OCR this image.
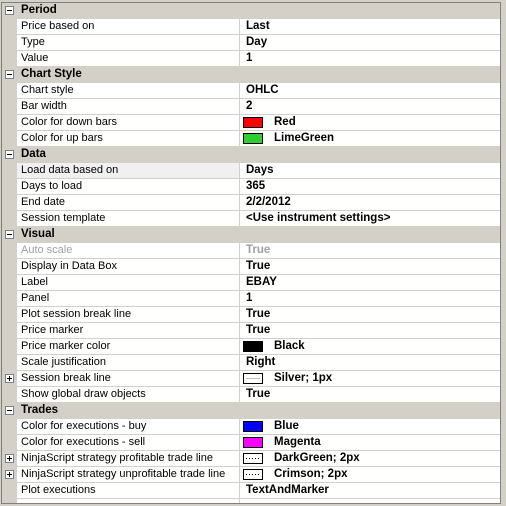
Period
Price based on	Last
Type	Day
Value	1
Chart Style
Chart style	OHLC
Bar width	2
Color for down bars	Red
Color for up bars	LimeGreen
Data
Load data based on	Days
Days to load	365
End date	2/2/2012
Session template	<Use instrument settings>
Visual
Auto scale	True
Display in Data Box	True
Label	EBAY
Panel	1
Plot session break line	True
Price marker	True
Price marker color	Black
Scale justification	Right
Session break line	Silver; 1px
Show global draw objects	True
Trades
Color for executions - buy	Blue
Color for executions - sell	Magenta
NinjaScript strategy profitable trade line	DarkGreen; 2px
NinjaScript strategy unprofitable trade line	Crimson; 2px
Plot executions	TextAndMarker
